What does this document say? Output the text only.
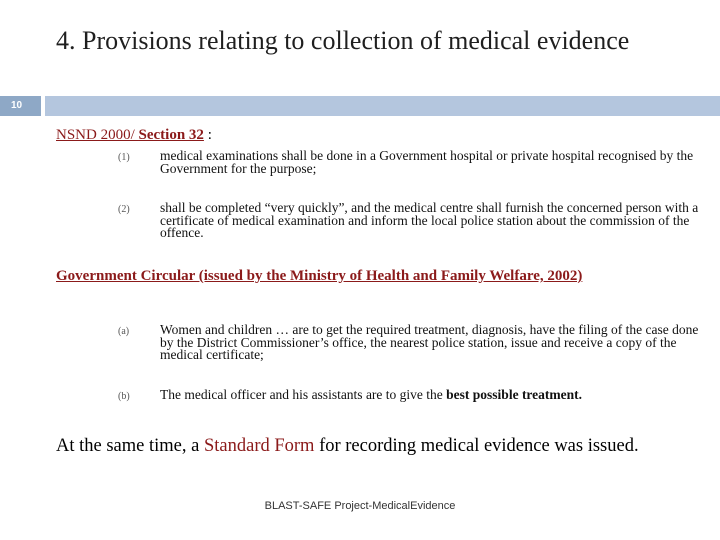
4. Provisions relating to collection of medical evidence
10
NSND 2000/ Section 32 :
(1) medical examinations shall be done in a Government hospital or private hospital recognised by the Government for the purpose;
(2) shall be completed “very quickly”, and the medical centre shall furnish the concerned person with a certificate of medical examination and inform the local police station about the commission of the offence.
Government Circular (issued by the Ministry of Health and Family Welfare, 2002)
(a) Women and children … are to get the required treatment, diagnosis, have the filing of the case done by the District Commissioner’s office, the nearest police station, issue and receive a copy of the medical certificate;
(b) The medical officer and his assistants are to give the best possible treatment.
At the same time, a Standard Form for recording medical evidence was issued.
BLAST-SAFE Project-MedicalEvidence
